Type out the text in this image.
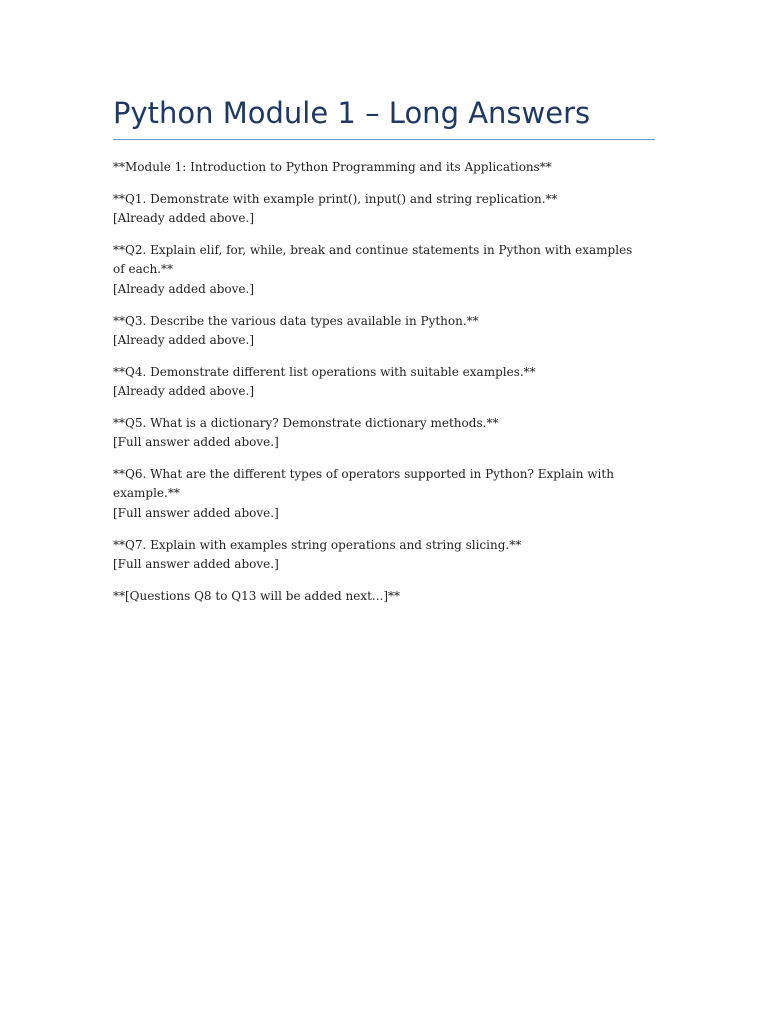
Python Module 1 – Long Answers

**Module 1: Introduction to Python Programming and its Applications**

**Q1. Demonstrate with example print(), input() and string replication.**
[Already added above.]

**Q2. Explain elif, for, while, break and continue statements in Python with examples of each.**
[Already added above.]

**Q3. Describe the various data types available in Python.**
[Already added above.]

**Q4. Demonstrate different list operations with suitable examples.**
[Already added above.]

**Q5. What is a dictionary? Demonstrate dictionary methods.**
[Full answer added above.]

**Q6. What are the different types of operators supported in Python? Explain with example.**
[Full answer added above.]

**Q7. Explain with examples string operations and string slicing.**
[Full answer added above.]

**[Questions Q8 to Q13 will be added next...]**
